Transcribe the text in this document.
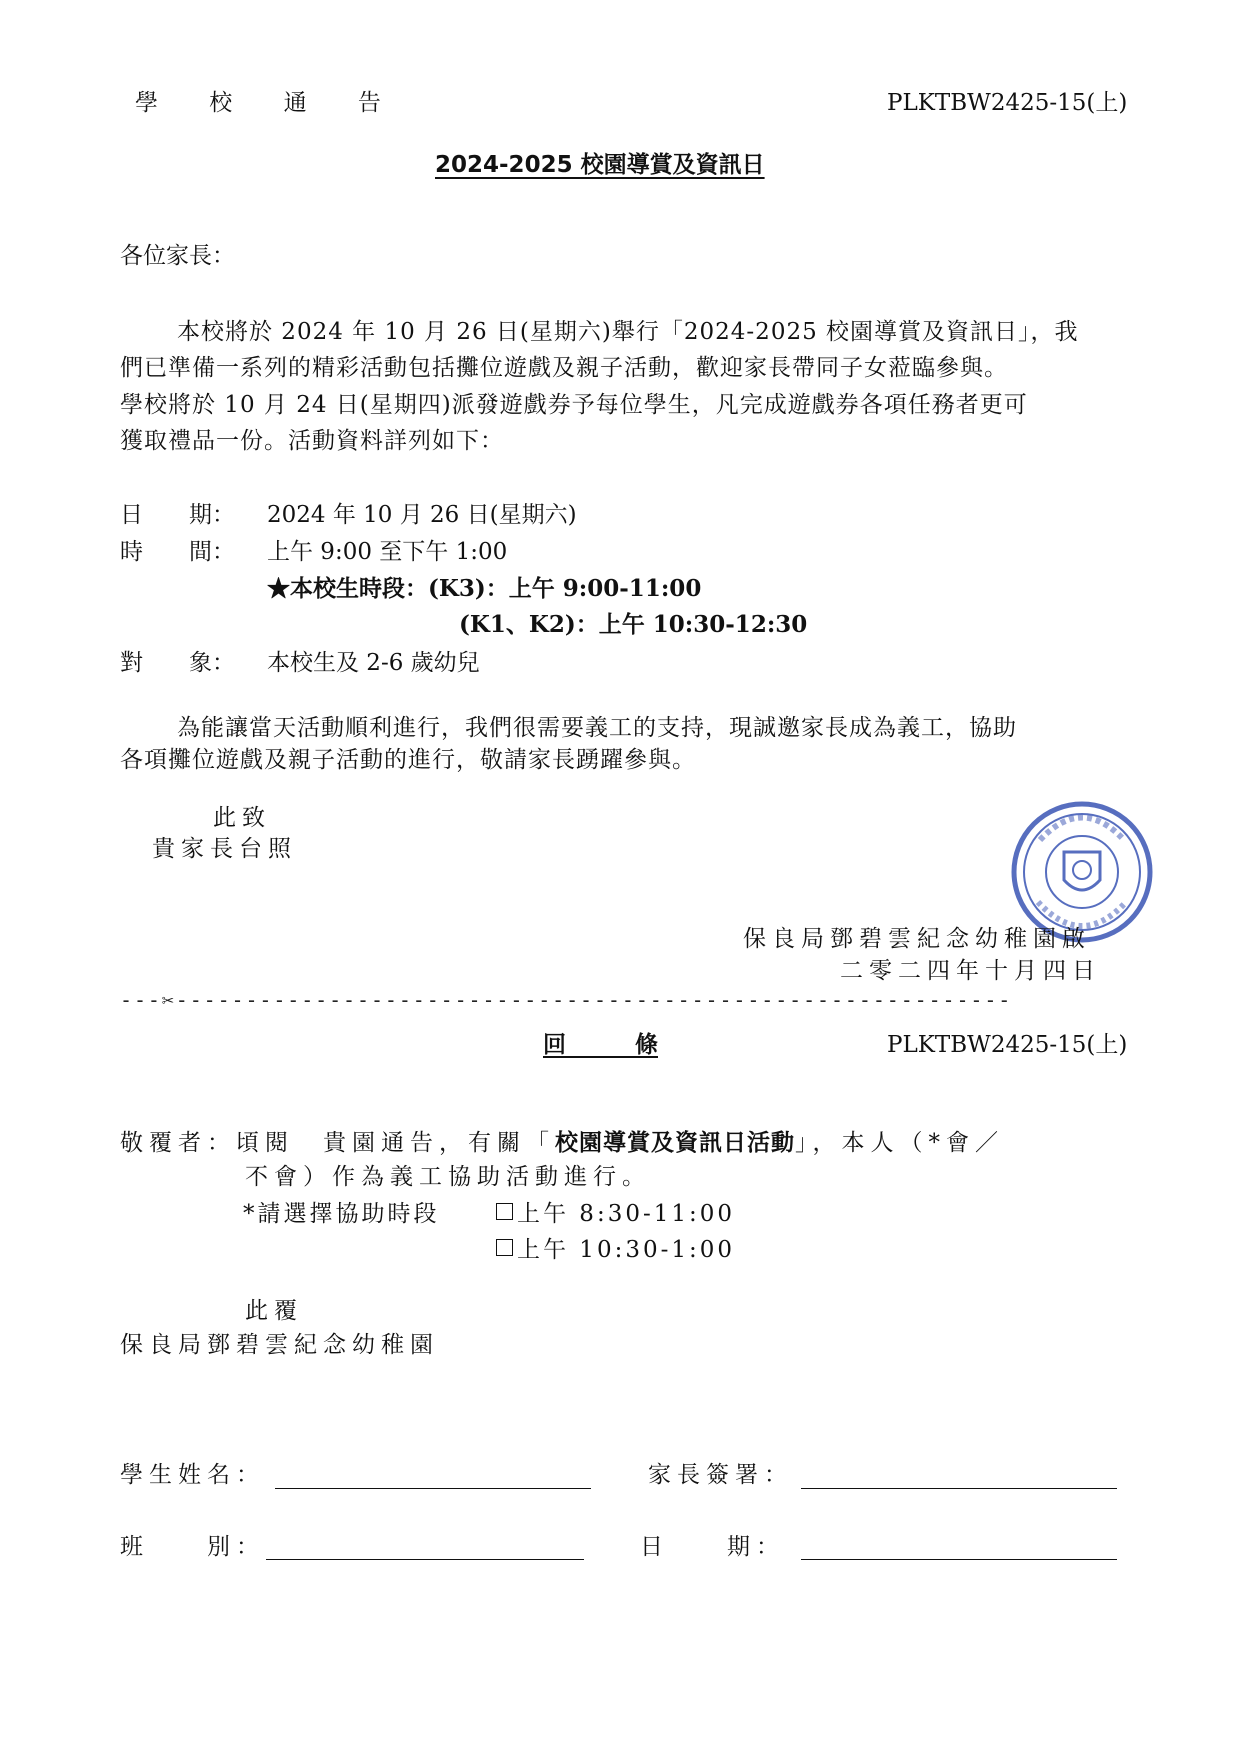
學 校 通 告	PLKTBW2425-15(上)
2024-2025 校園導賞及資訊日
各位家長：
本校將於 2024 年 10 月 26 日(星期六)舉行「2024-2025 校園導賞及資訊日」，我
們已準備一系列的精彩活動包括攤位遊戲及親子活動，歡迎家長帶同子女蒞臨參與。
學校將於 10 月 24 日(星期四)派發遊戲券予每位學生，凡完成遊戲券各項任務者更可
獲取禮品一份。活動資料詳列如下：
日　　期： 2024 年 10 月 26 日(星期六)
時　　間： 上午 9:00 至下午 1:00
★本校生時段：(K3)：上午 9:00-11:00
(K1、K2)：上午 10:30-12:30
對　　象： 本校生及 2-6 歲幼兒
為能讓當天活動順利進行，我們很需要義工的支持，現誠邀家長成為義工，協助
各項攤位遊戲及親子活動的進行，敬請家長踴躍參與。
此致
貴家長台照
保良局鄧碧雲紀念幼稚園啟
二零二四年十月四日
---✂------------------------------------------------------------
回　　　條	PLKTBW2425-15(上)
敬覆者：頃閱　貴園通告，有關「校園導賞及資訊日活動」，本人（*會／
不會）作為義工協助活動進行。
*請選擇協助時段	上午 8:30-11:00
上午 10:30-1:00
此覆
保良局鄧碧雲紀念幼稚園
學生姓名：	家長簽署：
班　　別：	日　　期：
